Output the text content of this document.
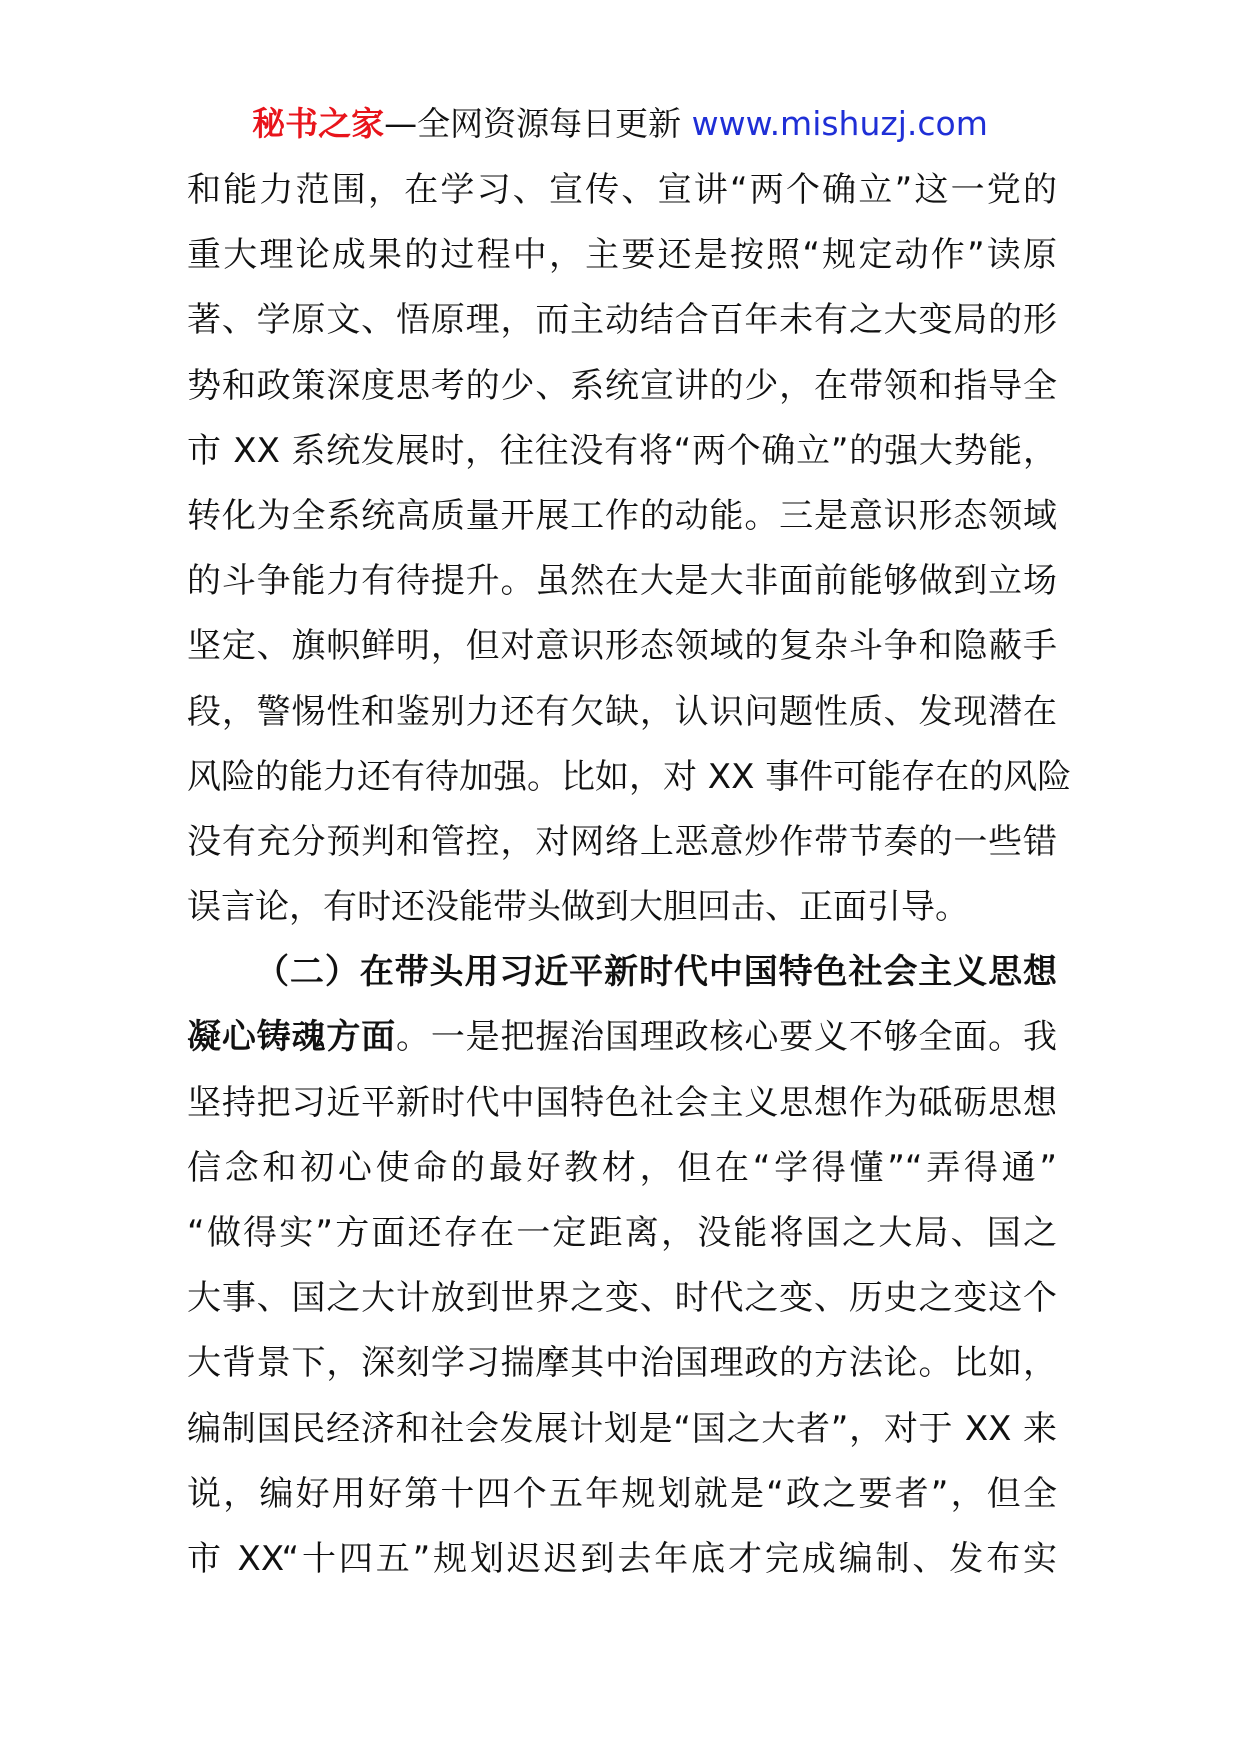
秘书之家—全网资源每日更新 www.mishuzj.com
和能力范围，在学习、宣传、宣讲“两个确立”这一党的
重大理论成果的过程中，主要还是按照“规定动作”读原
著、学原文、悟原理，而主动结合百年未有之大变局的形
势和政策深度思考的少、系统宣讲的少，在带领和指导全
市 XX 系统发展时，往往没有将“两个确立”的强大势能，
转化为全系统高质量开展工作的动能。三是意识形态领域
的斗争能力有待提升。虽然在大是大非面前能够做到立场
坚定、旗帜鲜明，但对意识形态领域的复杂斗争和隐蔽手
段，警惕性和鉴别力还有欠缺，认识问题性质、发现潜在
风险的能力还有待加强。比如，对 XX 事件可能存在的风险
没有充分预判和管控，对网络上恶意炒作带节奏的一些错
误言论，有时还没能带头做到大胆回击、正面引导。
（二）在带头用习近平新时代中国特色社会主义思想
凝心铸魂方面。一是把握治国理政核心要义不够全面。我
坚持把习近平新时代中国特色社会主义思想作为砥砺思想
信念和初心使命的最好教材，但在“学得懂”“弄得通”
“做得实”方面还存在一定距离，没能将国之大局、国之
大事、国之大计放到世界之变、时代之变、历史之变这个
大背景下，深刻学习揣摩其中治国理政的方法论。比如，
编制国民经济和社会发展计划是“国之大者”，对于 XX 来
说，编好用好第十四个五年规划就是“政之要者”，但全
市 XX“十四五”规划迟迟到去年底才完成编制、发布实
